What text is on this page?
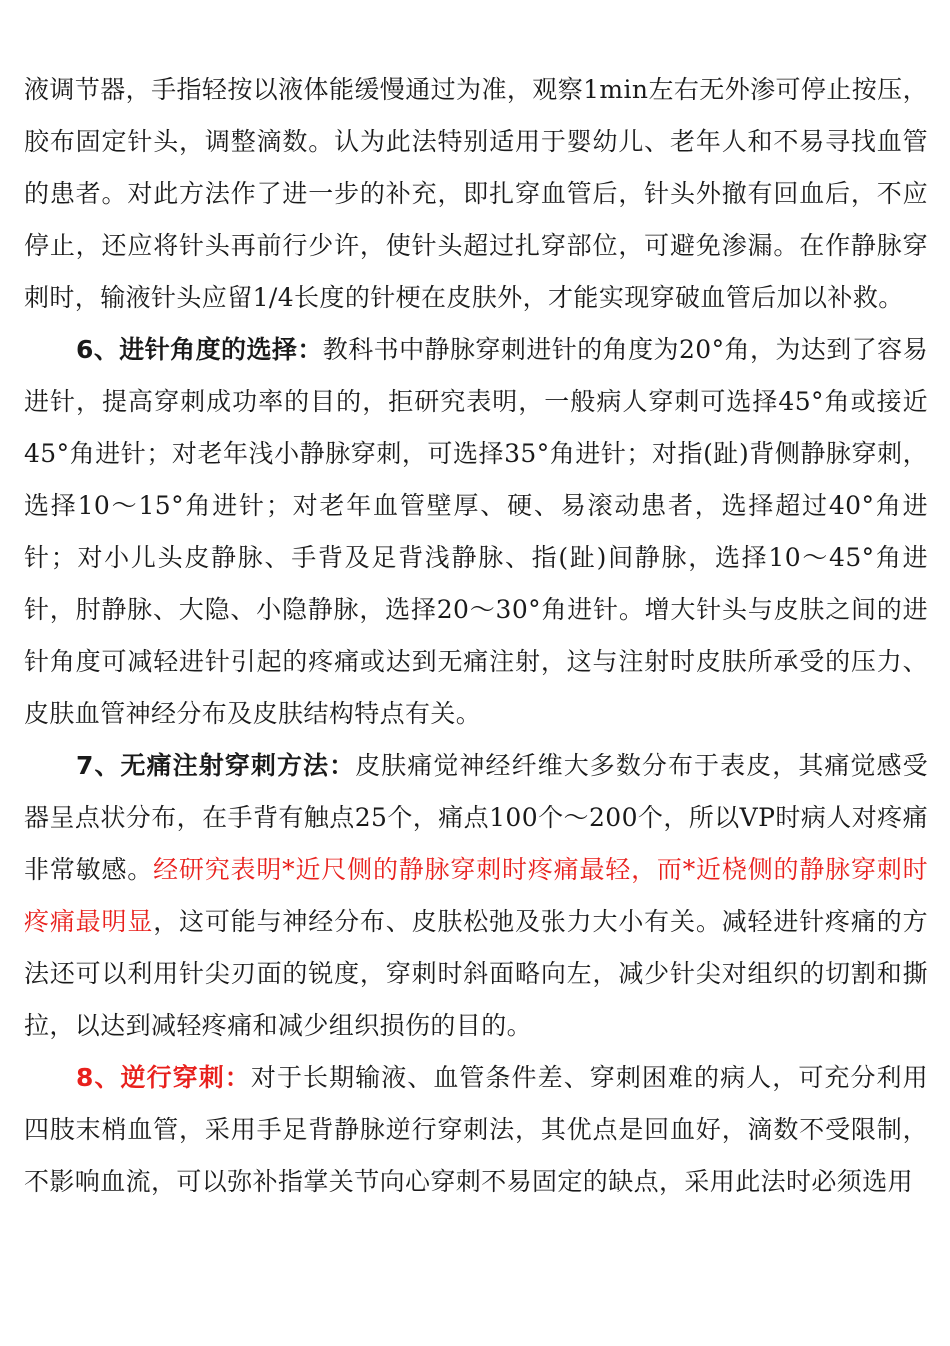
液调节器，手指轻按以液体能缓慢通过为准，观察1min左右无外渗可停止按压，胶布固定针头，调整滴数。认为此法特别适用于婴幼儿、老年人和不易寻找血管的患者。对此方法作了进一步的补充，即扎穿血管后，针头外撤有回血后，不应停止，还应将针头再前行少许，使针头超过扎穿部位，可避免渗漏。在作静脉穿刺时，输液针头应留1/4长度的针梗在皮肤外，才能实现穿破血管后加以补救。

6、进针角度的选择：教科书中静脉穿刺进针的角度为20°角，为达到了容易进针，提高穿刺成功率的目的，拒研究表明，一般病人穿刺可选择45°角或接近45°角进针；对老年浅小静脉穿刺，可选择35°角进针；对指(趾)背侧静脉穿刺，选择10～15°角进针；对老年血管壁厚、硬、易滚动患者，选择超过40°角进针；对小儿头皮静脉、手背及足背浅静脉、指(趾)间静脉，选择10～45°角进针，肘静脉、大隐、小隐静脉，选择20～30°角进针。增大针头与皮肤之间的进针角度可减轻进针引起的疼痛或达到无痛注射，这与注射时皮肤所承受的压力、皮肤血管神经分布及皮肤结构特点有关。

7、无痛注射穿刺方法：皮肤痛觉神经纤维大多数分布于表皮，其痛觉感受器呈点状分布，在手背有触点25个，痛点100个～200个，所以VP时病人对疼痛非常敏感。经研究表明*近尺侧的静脉穿刺时疼痛最轻，而*近桡侧的静脉穿刺时疼痛最明显，这可能与神经分布、皮肤松弛及张力大小有关。减轻进针疼痛的方法还可以利用针尖刃面的锐度，穿刺时斜面略向左，减少针尖对组织的切割和撕拉，以达到减轻疼痛和减少组织损伤的目的。

8、逆行穿刺：对于长期输液、血管条件差、穿刺困难的病人，可充分利用四肢末梢血管，采用手足背静脉逆行穿刺法，其优点是回血好，滴数不受限制，不影响血流，可以弥补指掌关节向心穿刺不易固定的缺点，采用此法时必须选用
